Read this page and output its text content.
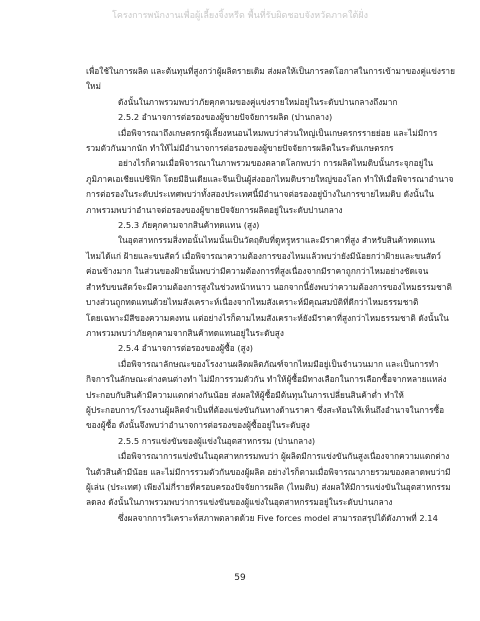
โครงการพนักงานเพื่อผู้เลี้ยงจิ้งหรีด พื้นที่รับผิดชอบจังหวัดภาคใต้ฝั่ง
เพื่อใช้ในการผลิต และต้นทุนที่สูงกว่าผู้ผลิตรายเดิม ส่งผลให้เป็นการลดโอกาสในการเข้ามาของคู่แข่งราย
ใหม่
ดังนั้นในภาพรวมพบว่าภัยคุกคามของคู่แข่งรายใหม่อยู่ในระดับปานกลางถึงมาก
2.5.2 อำนาจการต่อรองของผู้ขายปัจจัยการผลิต (ปานกลาง)
เมื่อพิจารณาถึงเกษตรกรผู้เลี้ยงหนอนไหมพบว่าส่วนใหญ่เป็นเกษตรกรรายย่อย และไม่มีการ
รวมตัวกันมากนัก ทำให้ไม่มีอำนาจการต่อรองของผู้ขายปัจจัยการผลิตในระดับเกษตรกร
อย่างไรก็ตามเมื่อพิจารณาในภาพรวมของตลาดโลกพบว่า การผลิตไหมดิบนั้นกระจุกอยู่ใน
ภูมิภาคเอเชียแปซิฟิก โดยมีอินเดียและจีนเป็นผู้ส่งออกไหมดิบรายใหญ่ของโลก ทำให้เมื่อพิจารณาอำนาจ
การต่อรองในระดับประเทศพบว่าทั้งสองประเทศนี้มีอำนาจต่อรองอยู่บ้างในการขายไหมดิบ ดังนั้นใน
ภาพรวมพบว่าอำนาจต่อรองของผู้ขายปัจจัยการผลิตอยู่ในระดับปานกลาง
2.5.3 ภัยคุกคามจากสินค้าทดแทน (สูง)
ในอุตสาหกรรมสิ่งทอนั้นไหมนั้นเป็นวัตถุดิบที่ดูหรูหราและมีราคาที่สูง สำหรับสินค้าทดแทน
ไหมได้แก่ ฝ้ายและขนสัตว์ เมื่อพิจารณาความต้องการของไหมแล้วพบว่ายังมีน้อยกว่าฝ้ายและขนสัตว์
ค่อนข้างมาก ในส่วนของฝ้ายนั้นพบว่ามีความต้องการที่สูงเนื่องจากมีราคาถูกกว่าไหมอย่างชัดเจน
สำหรับขนสัตว์จะมีความต้องการสูงในช่วงหน้าหนาว นอกจากนี้ยังพบว่าความต้องการของไหมธรรมชาติ
บางส่วนถูกทดแทนด้วยไหมสังเคราะห์เนื่องจากไหมสังเคราะห์มีคุณสมบัติที่ดีกว่าไหมธรรมชาติ
โดยเฉพาะมีสีของความคงทน แต่อย่างไรก็ตามไหมสังเคราะห์ยังมีราคาที่สูงกว่าไหมธรรมชาติ ดังนั้นใน
ภาพรวมพบว่าภัยคุกคามจากสินค้าทดแทนอยู่ในระดับสูง
2.5.4 อำนาจการต่อรองของผู้ซื้อ (สูง)
เมื่อพิจารณาลักษณะของโรงงานผลิตผลิตภัณฑ์จากไหมมีอยู่เป็นจำนวนมาก และเป็นการทำ
กิจการในลักษณะต่างคนต่างทำ ไม่มีการรวมตัวกัน ทำให้ผู้ซื้อมีทางเลือกในการเลือกซื้อจากหลายแหล่ง
ประกอบกับสินค้ามีความแตกต่างกันน้อย ส่งผลให้ผู้ซื้อมีต้นทุนในการเปลี่ยนสินค้าต่ำ ทำให้
ผู้ประกอบการ/โรงงานผู้ผลิตจำเป็นที่ต้องแข่งขันกันทางด้านราคา ซึ่งสะท้อนให้เห็นถึงอำนาจในการซื้อ
ของผู้ซื้อ ดังนั้นจึงพบว่าอำนาจการต่อรองของผู้ซื้ออยู่ในระดับสูง
2.5.5 การแข่งขันของผู้แข่งในอุตสาหกรรม (ปานกลาง)
เมื่อพิจารณาการแข่งขันในอุตสาหกรรมพบว่า ผู้ผลิตมีการแข่งขันกันสูงเนื่องจากความแตกต่าง
ในตัวสินค้ามีน้อย และไม่มีการรวมตัวกันของผู้ผลิต อย่างไรก็ตามเมื่อพิจารณาภายรวมของตลาดพบว่ามี
ผู้เล่น (ประเทศ) เพียงไม่กี่รายที่ครอบครองปัจจัยการผลิต (ไหมดิบ) ส่งผลให้มีการแข่งขันในอุตสาหกรรม
ลดลง ดังนั้นในภาพรวมพบว่าการแข่งขันของผู้แข่งในอุตสาหกรรมอยู่ในระดับปานกลาง
ซึ่งผลจากการวิเคราะห์สภาพตลาดด้วย Five forces model สามารถสรุปได้ดังภาพที่ 2.14
59
